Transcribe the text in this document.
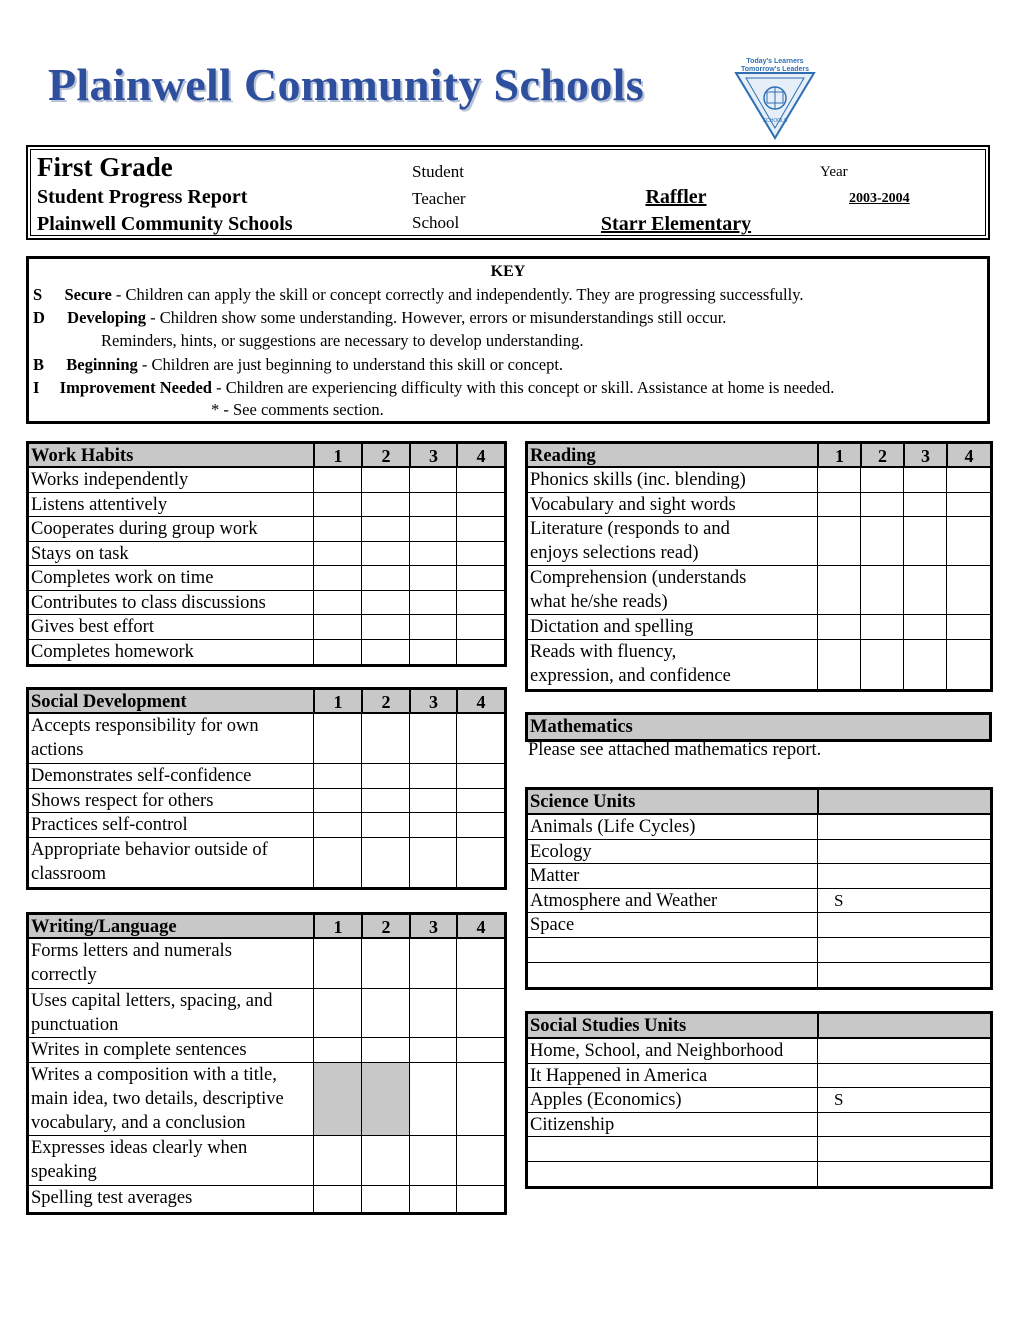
Plainwell Community Schools	Today's Learners
Tomorrow's Leaders
SCHOOLS
First Grade
Student Progress Report
Plainwell Community Schools
Student
Teacher	Raffler
School	Starr Elementary
Year
2003-2004
KEY
S Secure - Children can apply the skill or concept correctly and independently. They are progressing successfully.
D Developing - Children show some understanding. However, errors or misunderstandings still occur.
Reminders, hints, or suggestions are necessary to develop understanding.
B Beginning - Children are just beginning to understand this skill or concept.
I Improvement Needed - Children are experiencing difficulty with this concept or skill. Assistance at home is needed.
* - See comments section.
Work Habits	1	2	3	4
Works independently
Listens attentively
Cooperates during group work
Stays on task
Completes work on time
Contributes to class discussions
Gives best effort
Completes homework
Social Development	1	2	3	4
Accepts responsibility for own
actions
Demonstrates self-confidence
Shows respect for others
Practices self-control
Appropriate behavior outside of
classroom
Writing/Language	1	2	3	4
Forms letters and numerals
correctly
Uses capital letters, spacing, and
punctuation
Writes in complete sentences
Writes a composition with a title,
main idea, two details, descriptive
vocabulary, and a conclusion
Expresses ideas clearly when
speaking
Spelling test averages
Reading	1	2	3	4
Phonics skills (inc. blending)
Vocabulary and sight words
Literature (responds to and
enjoys selections read)
Comprehension (understands
what he/she reads)
Dictation and spelling
Reads with fluency,
expression, and confidence
Mathematics
Please see attached mathematics report.
Science Units
Animals (Life Cycles)
Ecology
Matter
Atmosphere and Weather	S
Space
Social Studies Units
Home, School, and Neighborhood
It Happened in America
Apples (Economics)	S
Citizenship
